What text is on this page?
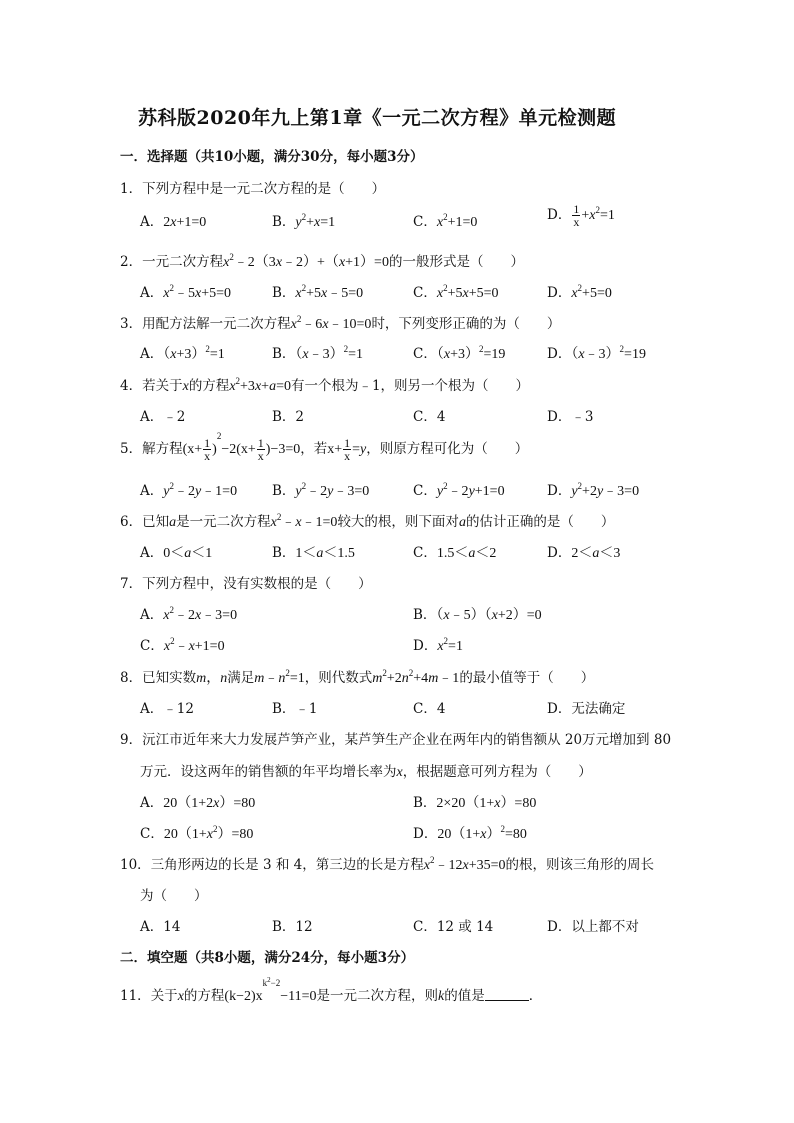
苏科版2020年九上第1章《一元二次方程》单元检测题
一．选择题（共10小题，满分30分，每小题3分）
1．下列方程中是一元二次方程的是（　　）
A．2x+1=0	B．$y^2+x=1$	C．$x^2+1=0$	D． $\frac{1}{x} +x^2=1$
2．一元二次方程$x^2﹣2(3x﹣2)+(x+1)=0$的一般形式是（　　）
A．$x^2﹣5x+5=0$	B．$x^2+5x﹣5=0$	C．$x^2+5x+5=0$	D．$x^2+5=0$
3．用配方法解一元二次方程$x^2﹣6x﹣10=0$时，下列变形正确的为（　　）
A．$(x+3)^2=1$	B．（x﹣3）$^2$=1	C．$(x+3)^2=19$	D．（x﹣3）$^2$=19
4．若关于x的方程$x^2+3x+a=0$有一个根为﹣1，则另一个根为（　　）
A．﹣2	B．2	C．4	D．﹣3
5．解方程$(x+ \frac{1}{x} )^2-2(x+ \frac{1}{x} )-3=0$，若$x+ \frac{1}{x} =y$，则原方程可化为（　　）
A．$y^2﹣2y﹣1=0$	B．$y^2﹣2y﹣3=0$	C．$y^2﹣2y+1=0$	D．$y^2+2y﹣3=0$
6．已知a是一元二次方程$x^2﹣x﹣1=0$较大的根，则下面对a的估计正确的是（　　）
A．0＜a＜1	B．1＜a＜1.5	C．1.5＜a＜2	D．2＜a＜3
7．下列方程中，没有实数根的是（　　）
A．$x^2﹣2x﹣3=0$	B．（x﹣5）（x+2）=0
C．$x^2﹣x+1=0$	D．$x^2=1$
8．已知实数m，n满足$m﹣n^2=1$，则代数式$m^2+2n^2+4m﹣1$的最小值等于（　　）
A．﹣12	B．﹣1	C．4	D．无法确定
9．沅江市近年来大力发展芦笋产业，某芦笋生产企业在两年内的销售额从 20万元增加到 80
万元．设这两年的销售额的年平均增长率为x，根据题意可列方程为（　　）
A．20（1+2x）=80	B．2×20（1+x）=80
C．$20(1+x^2)=80$	D．$20(1+x)^2=80$
10．三角形两边的长是 3 和 4，第三边的长是方程$x^2﹣12x+35=0$的根，则该三角形的周长
为（　　）
A．14	B．12	C．12 或 14	D．以上都不对
二．填空题（共8小题，满分24分，每小题3分）
11．关于x的方程$(k-2)x^{k^2-2}-11=0$是一元二次方程，则k的值是	．
